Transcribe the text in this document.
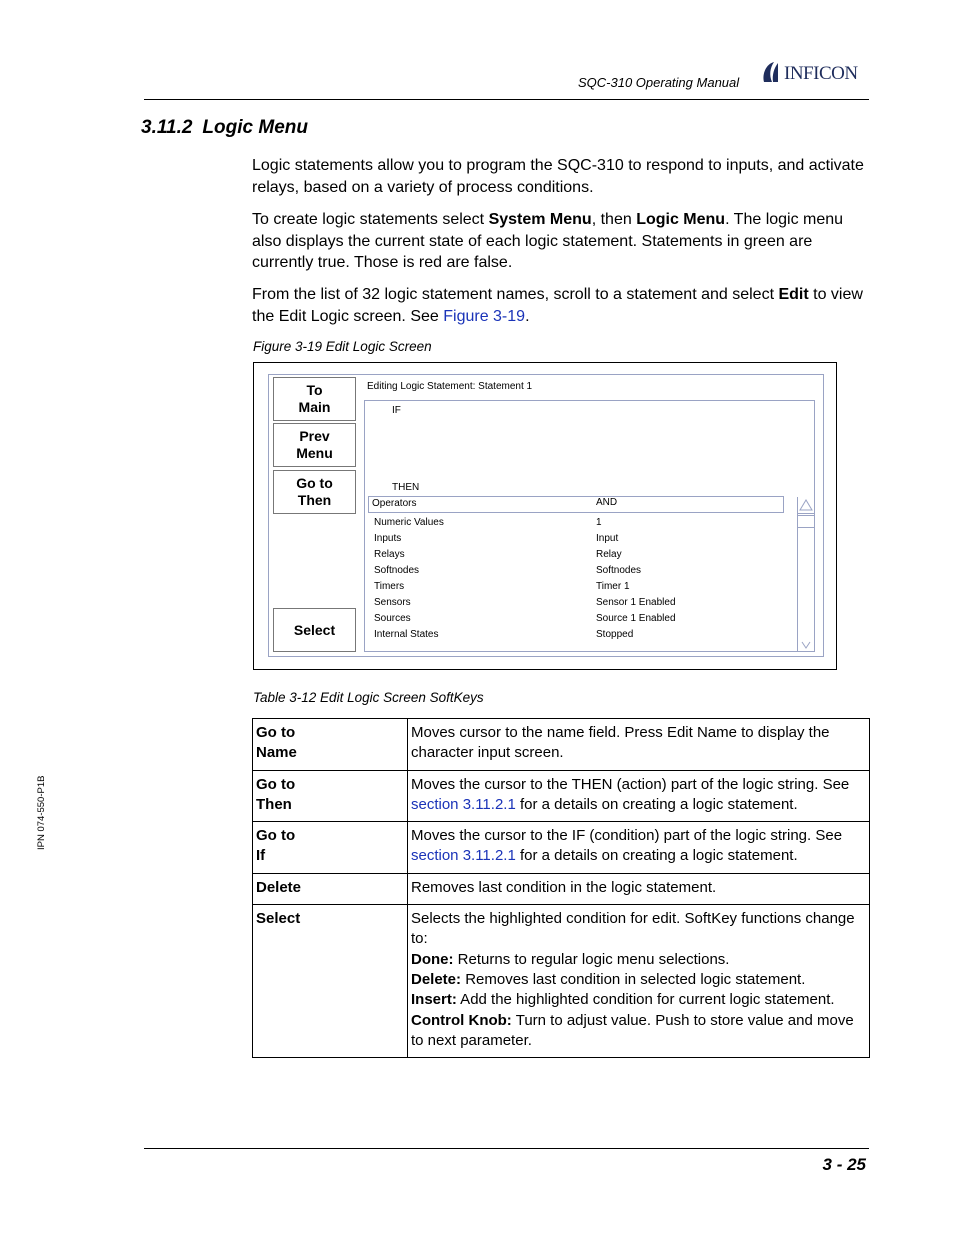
SQC-310 Operating Manual INFICON
3.11.2 Logic Menu
Logic statements allow you to program the SQC-310 to respond to inputs, and activate relays, based on a variety of process conditions.
To create logic statements select System Menu, then Logic Menu. The logic menu also displays the current state of each logic statement. Statements in green are currently true. Those is red are false.
From the list of 32 logic statement names, scroll to a statement and select Edit to view the Edit Logic screen. See Figure 3-19.
Figure 3-19 Edit Logic Screen
To
Main
Prev
Menu
Go to
Then
Select
Editing Logic Statement: Statement 1
IF
THEN
Operators	AND
Numeric Values	1
Inputs	Input
Relays	Relay
Softnodes	Softnodes
Timers	Timer 1
Sensors	Sensor 1 Enabled
Sources	Source 1 Enabled
Internal States	Stopped
Table 3-12 Edit Logic Screen SoftKeys
Go to
Name	Moves cursor to the name field. Press Edit Name to display the character input screen.
Go to
Then	Moves the cursor to the THEN (action) part of the logic string. See section 3.11.2.1 for a details on creating a logic statement.
Go to
If	Moves the cursor to the IF (condition) part of the logic string. See section 3.11.2.1 for a details on creating a logic statement.
Delete	Removes last condition in the logic statement.
Select	Selects the highlighted condition for edit. SoftKey functions change to:
Done: Returns to regular logic menu selections.
Delete: Removes last condition in selected logic statement.
Insert: Add the highlighted condition for current logic statement.
Control Knob: Turn to adjust value. Push to store value and move to next parameter.
IPN 074-550-P1B
3 - 25
